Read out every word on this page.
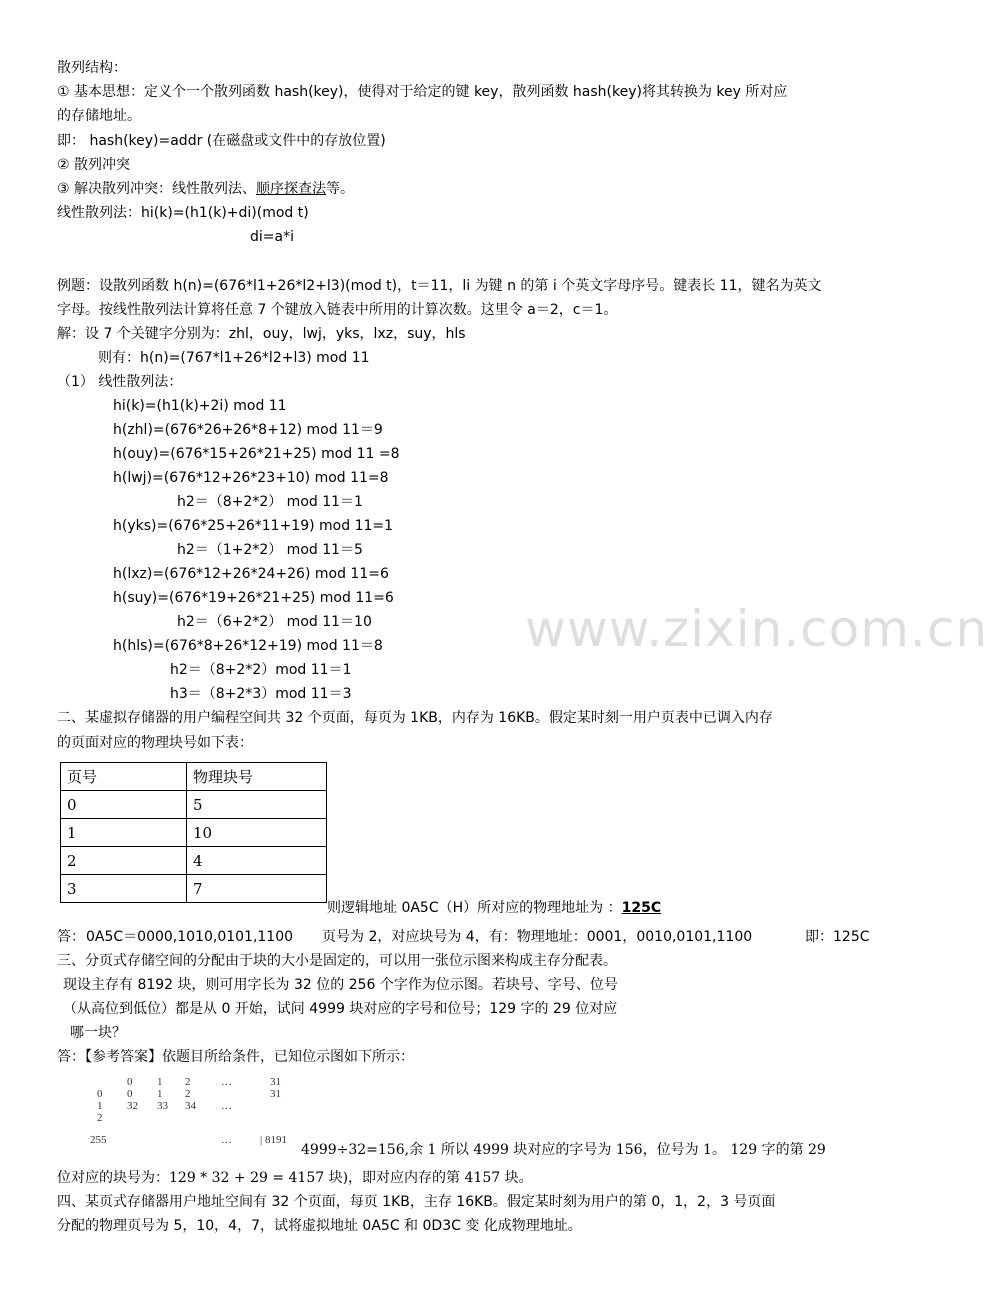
www.zixin.com.cn
散列结构：
① 基本思想：定义个一个散列函数 hash(key)，使得对于给定的键 key，散列函数 hash(key)将其转换为 key 所对应
的存储地址。
即： hash(key)=addr (在磁盘或文件中的存放位置)
② 散列冲突
③ 解决散列冲突：线性散列法、顺序探查法等。
线性散列法：hi(k)=(h1(k)+di)(mod t)
di=a*i
例题：设散列函数 h(n)=(676*l1+26*l2+l3)(mod t)，t＝11，li 为键 n 的第 i 个英文字母序号。键表长 11，键名为英文
字母。按线性散列法计算将任意 7 个键放入链表中所用的计算次数。这里令 a＝2，c＝1。
解：设 7 个关键字分别为：zhl，ouy，lwj，yks，lxz，suy，hls
则有：h(n)=(767*l1+26*l2+l3) mod 11
（1） 线性散列法：
hi(k)=(h1(k)+2i) mod 11
h(zhl)=(676*26+26*8+12) mod 11＝9
h(ouy)=(676*15+26*21+25) mod 11 =8
h(lwj)=(676*12+26*23+10) mod 11=8
h2＝（8+2*2） mod 11＝1
h(yks)=(676*25+26*11+19) mod 11=1
h2＝（1+2*2） mod 11＝5
h(lxz)=(676*12+26*24+26) mod 11=6
h(suy)=(676*19+26*21+25) mod 11=6
h2＝（6+2*2） mod 11＝10
h(hls)=(676*8+26*12+19) mod 11＝8
h2＝（8+2*2）mod 11＝1
h3＝（8+2*3）mod 11＝3
二、某虚拟存储器的用户编程空间共 32 个页面，每页为 1KB，内存为 16KB。假定某时刻一用户页表中已调入内存
的页面对应的物理块号如下表：
页号	物理块号
0	5
1	10
2	4
3	7
则逻辑地址 0A5C（H）所对应的物理地址为 ：125C
答： 0A5C＝0000,1010,0101,1100 页号为 2，对应块号为 4，有：物理地址：0001，0010,0101,1100	即：125C
三、分页式存储空间的分配由于块的大小是固定的，可以用一张位示图来构成主存分配表。
现设主存有 8192 块，则可用字长为 32 位的 256 个字作为位示图。若块号、字号、位号
（从高位到低位）都是从 0 开始，试问 4999 块对应的字号和位号；129 字的 29 位对应
哪一块？
答：【参考答案】依题目所给条件，已知位示图如下所示：
0 1 2	…	31
0 0 1 2	31
1 32 33 34 …
2
255	…	| 8191
4999÷32=156,余 1 所以 4999 块对应的字号为 156，位号为 1。 129 字的第 29
位对应的块号为：129 * 32 + 29 = 4157 块)，即对应内存的第 4157 块。
四、某页式存储器用户地址空间有 32 个页面，每页 1KB，主存 16KB。假定某时刻为用户的第 0，1，2，3 号页面
分配的物理页号为 5，10，4，7，试将虚拟地址 0A5C 和 0D3C 变 化成物理地址。
